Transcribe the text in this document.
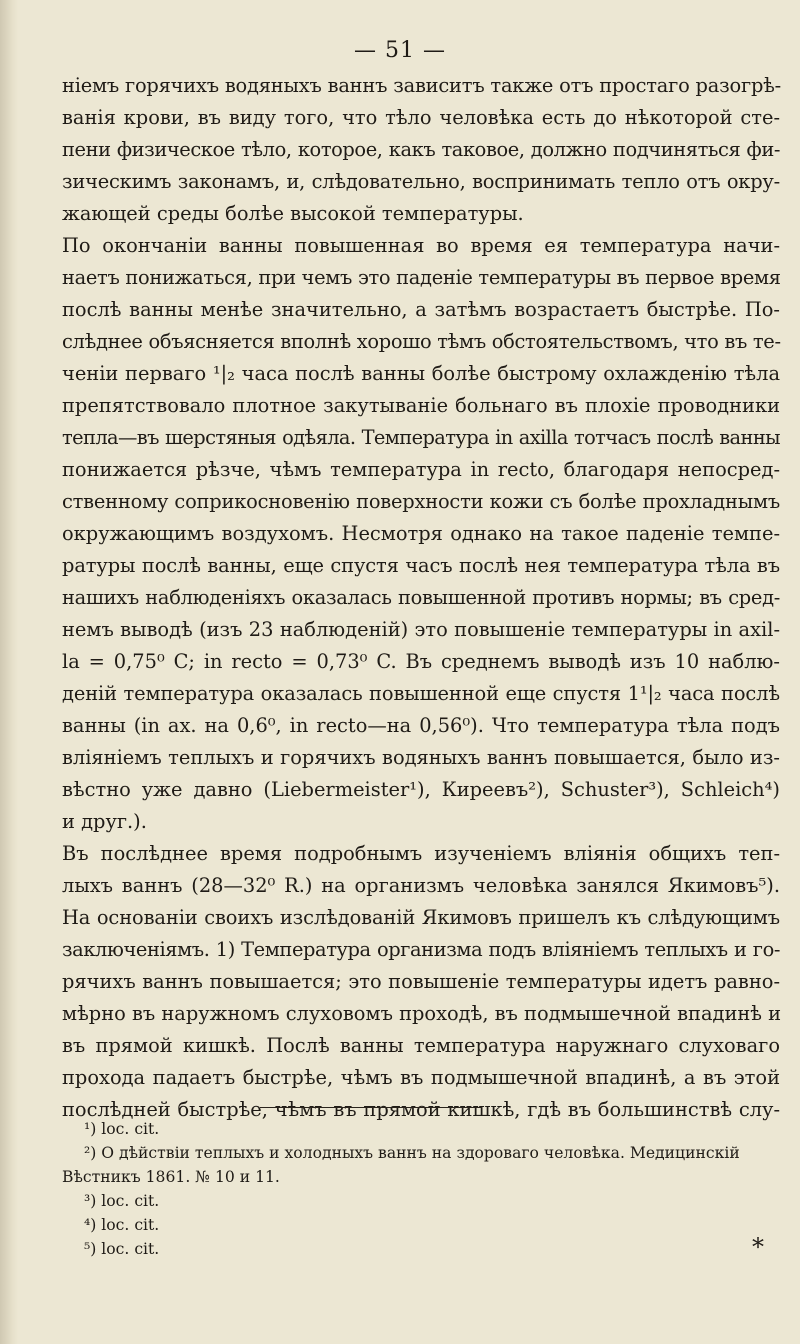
— 51 —
ніемъ горячихъ водяныхъ ваннъ зависитъ также отъ простаго разогрѣ-
ванія крови, въ виду того, что тѣло человѣка есть до нѣкоторой сте-
пени физическое тѣло, которое, какъ таковое, должно подчиняться фи-
зическимъ законамъ, и, слѣдовательно, воспринимать тепло отъ окру-
жающей среды болѣе высокой температуры.
По окончаніи ванны повышенная во время ея температура начи-
наетъ понижаться, при чемъ это паденіе температуры въ первое время
послѣ ванны менѣе значительно, а затѣмъ возрастаетъ быстрѣе. По-
слѣднее объясняется вполнѣ хорошо тѣмъ обстоятельствомъ, что въ те-
ченіи перваго ¹|₂ часа послѣ ванны болѣе быстрому охлажденію тѣла
препятствовало плотное закутываніе больнаго въ плохіе проводники
тепла—въ шерстяныя одѣяла. Температура in axilla тотчасъ послѣ ванны
понижается рѣзче, чѣмъ температура in recto, благодаря непосред-
ственному соприкосновенію поверхности кожи съ болѣе прохладнымъ
окружающимъ воздухомъ. Несмотря однако на такое паденіе темпе-
ратуры послѣ ванны, еще спустя часъ послѣ нея температура тѣла въ
нашихъ наблюденіяхъ оказалась повышенной противъ нормы; въ сред-
немъ выводѣ (изъ 23 наблюденій) это повышеніе температуры in axil-
la = 0,75⁰ C; in recto = 0,73⁰ C. Въ среднемъ выводѣ изъ 10 наблю-
деній температура оказалась повышенной еще спустя 1¹|₂ часа послѣ
ванны (in ax. на 0,6⁰, in recto—на 0,56⁰). Что температура тѣла подъ
вліяніемъ теплыхъ и горячихъ водяныхъ ваннъ повышается, было из-
вѣстно уже давно (Liebermeister¹), Киреевъ²), Schuster³), Schleich⁴)
и друг.).
Въ послѣднее время подробнымъ изученіемъ вліянія общихъ теп-
лыхъ ваннъ (28—32⁰ R.) на организмъ человѣка занялся Якимовъ⁵).
На основаніи своихъ изслѣдованій Якимовъ пришелъ къ слѣдующимъ
заключеніямъ. 1) Температура организма подъ вліяніемъ теплыхъ и го-
рячихъ ваннъ повышается; это повышеніе температуры идетъ равно-
мѣрно въ наружномъ слуховомъ проходѣ, въ подмышечной впадинѣ и
въ прямой кишкѣ. Послѣ ванны температура наружнаго слуховаго
прохода падаетъ быстрѣе, чѣмъ въ подмышечной впадинѣ, а въ этой
послѣдней быстрѣе, чѣмъ въ прямой кишкѣ, гдѣ въ большинствѣ слу-
¹) loc. cit.
²) О дѣйствіи теплыхъ и холодныхъ ваннъ на здороваго человѣка. Медицинскій
Вѣстникъ 1861. № 10 и 11.
³) loc. cit.
⁴) loc. cit.
⁵) loc. cit.	*
